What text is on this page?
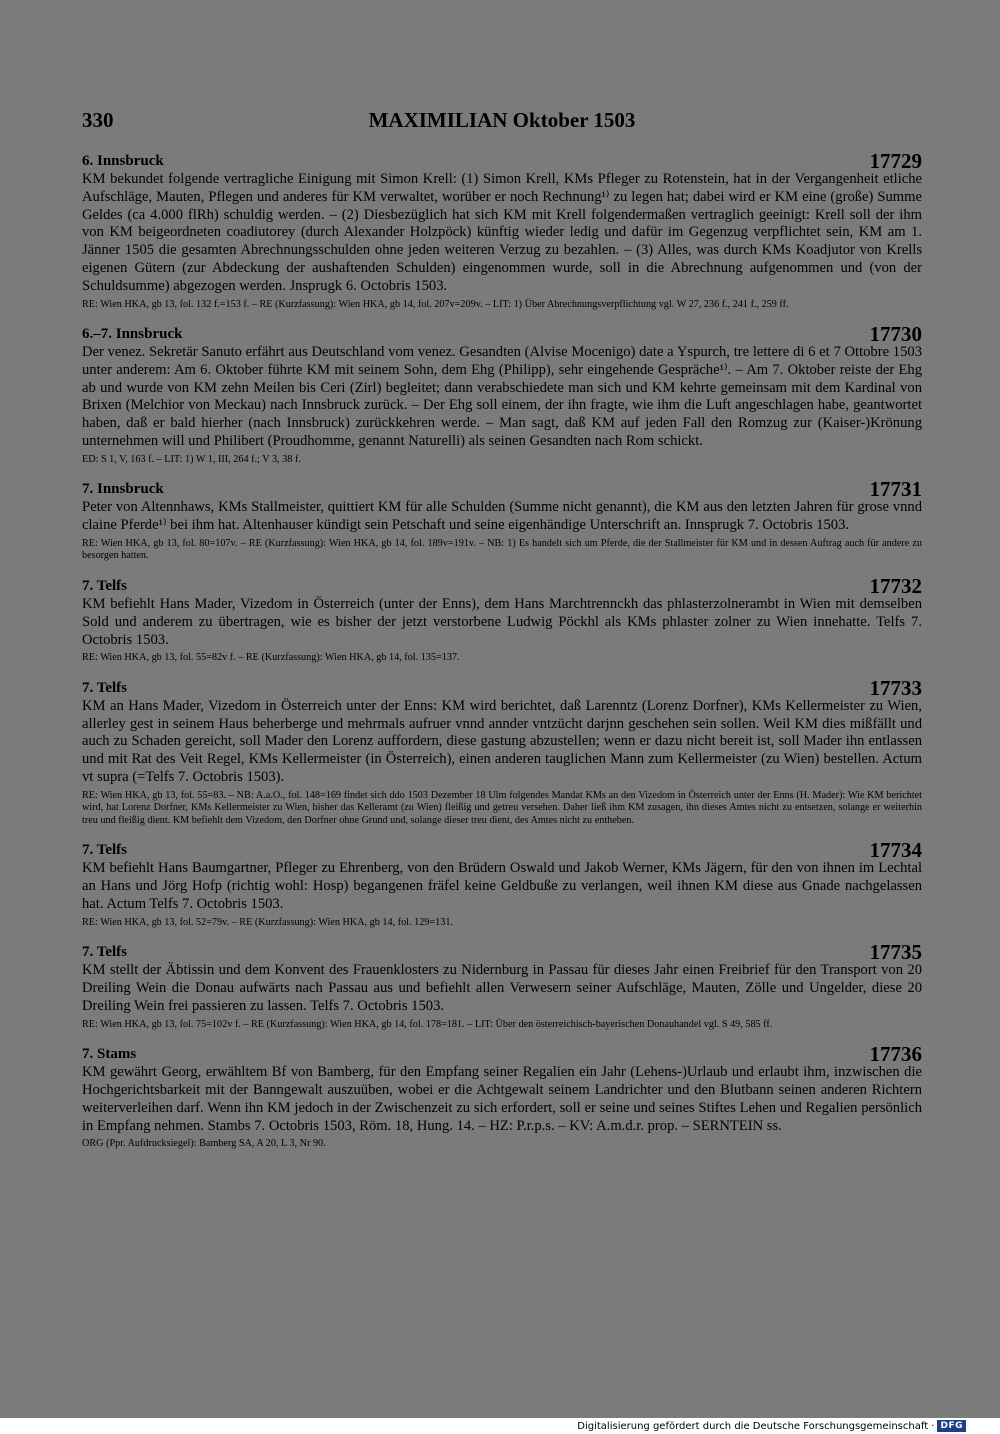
MAXIMILIAN Oktober 1503
330
6. Innsbruck	17729
KM bekundet folgende vertragliche Einigung mit Simon Krell: (1) Simon Krell, KMs Pfleger zu Rotenstein, hat in der Vergangenheit etliche Aufschläge, Mauten, Pflegen und anderes für KM verwaltet, worüber er noch Rechnung¹⁾ zu legen hat; dabei wird er KM eine (große) Summe Geldes (ca 4.000 flRh) schuldig werden. – (2) Diesbezüglich hat sich KM mit Krell folgendermaßen vertraglich geeinigt: Krell soll der ihm von KM beigeordneten coadiutorey (durch Alexander Holzpöck) künftig wieder ledig und dafür im Gegenzug verpflichtet sein, KM am 1. Jänner 1505 die gesamten Abrechnungsschulden ohne jeden weiteren Verzug zu bezahlen. – (3) Alles, was durch KMs Koadjutor von Krells eigenen Gütern (zur Abdeckung der aushaftenden Schulden) eingenommen wurde, soll in die Abrechnung aufgenommen und (von der Schuldsumme) abgezogen werden. Jnsprugk 6. Octobris 1503.
RE: Wien HKA, gb 13, fol. 132 f.=153 f. – RE (Kurzfassung): Wien HKA, gb 14, fol. 207v=209v. – LIT: 1) Über Abrechnungsverpflichtung vgl. W 27, 236 f., 241 f., 259 ff.
6.–7. Innsbruck	17730
Der venez. Sekretär Sanuto erfährt aus Deutschland vom venez. Gesandten (Alvise Mocenigo) date a Yspurch, tre lettere di 6 et 7 Ottobre 1503 unter anderem: Am 6. Oktober führte KM mit seinem Sohn, dem Ehg (Philipp), sehr eingehende Gespräche¹⁾. – Am 7. Oktober reiste der Ehg ab und wurde von KM zehn Meilen bis Ceri (Zirl) begleitet; dann verabschiedete man sich und KM kehrte gemeinsam mit dem Kardinal von Brixen (Melchior von Meckau) nach Innsbruck zurück. – Der Ehg soll einem, der ihn fragte, wie ihm die Luft angeschlagen habe, geantwortet haben, daß er bald hierher (nach Innsbruck) zurückkehren werde. – Man sagt, daß KM auf jeden Fall den Romzug zur (Kaiser-)Krönung unternehmen will und Philibert (Proudhomme, genannt Naturelli) als seinen Gesandten nach Rom schickt.
ED: S 1, V, 163 f. – LIT: 1) W 1, III, 264 f.; V 3, 38 f.
7. Innsbruck	17731
Peter von Altennhaws, KMs Stallmeister, quittiert KM für alle Schulden (Summe nicht genannt), die KM aus den letzten Jahren für grose vnnd claine Pferde¹⁾ bei ihm hat. Altenhauser kündigt sein Petschaft und seine eigenhändige Unterschrift an. Innsprugk 7. Octobris 1503.
RE: Wien HKA, gb 13, fol. 80=107v. – RE (Kurzfassung): Wien HKA, gb 14, fol. 189v=191v. – NB: 1) Es handelt sich um Pferde, die der Stallmeister für KM und in dessen Auftrag auch für andere zu besorgen hatten.
7. Telfs	17732
KM befiehlt Hans Mader, Vizedom in Österreich (unter der Enns), dem Hans Marchtrennckh das phlasterzolnerambt in Wien mit demselben Sold und anderem zu übertragen, wie es bisher der jetzt verstorbene Ludwig Pöckhl als KMs phlaster zolner zu Wien innehatte. Telfs 7. Octobris 1503.
RE: Wien HKA, gb 13, fol. 55=82v f. – RE (Kurzfassung): Wien HKA, gb 14, fol. 135=137.
7. Telfs	17733
KM an Hans Mader, Vizedom in Österreich unter der Enns: KM wird berichtet, daß Larenntz (Lorenz Dorfner), KMs Kellermeister zu Wien, allerley gest in seinem Haus beherberge und mehrmals aufruer vnnd annder vntzücht darjnn geschehen sein sollen. Weil KM dies mißfällt und auch zu Schaden gereicht, soll Mader den Lorenz auffordern, diese gastung abzustellen; wenn er dazu nicht bereit ist, soll Mader ihn entlassen und mit Rat des Veit Regel, KMs Kellermeister (in Österreich), einen anderen tauglichen Mann zum Kellermeister (zu Wien) bestellen. Actum vt supra (=Telfs 7. Octobris 1503).
RE: Wien HKA, gb 13, fol. 55=83. – NB: A.a.O., fol. 148=169 findet sich ddo 1503 Dezember 18 Ulm folgendes Mandat KMs an den Vizedom in Österreich unter der Enns (H. Mader): Wie KM berichtet wird, hat Lorenz Dorfner, KMs Kellermeister zu Wien, bisher das Kelleramt (zu Wien) fleißig und getreu versehen. Daher ließ ihm KM zusagen, ihn dieses Amtes nicht zu entsetzen, solange er weiterhin treu und fleißig dient. KM befiehlt dem Vizedom, den Dorfner ohne Grund und, solange dieser treu dient, des Amtes nicht zu entheben.
7. Telfs	17734
KM befiehlt Hans Baumgartner, Pfleger zu Ehrenberg, von den Brüdern Oswald und Jakob Werner, KMs Jägern, für den von ihnen im Lechtal an Hans und Jörg Hofp (richtig wohl: Hosp) begangenen fräfel keine Geldbuße zu verlangen, weil ihnen KM diese aus Gnade nachgelassen hat. Actum Telfs 7. Octobris 1503.
RE: Wien HKA, gb 13, fol. 52=79v. – RE (Kurzfassung): Wien HKA, gb 14, fol. 129=131.
7. Telfs	17735
KM stellt der Äbtissin und dem Konvent des Frauenklosters zu Nidernburg in Passau für dieses Jahr einen Freibrief für den Transport von 20 Dreiling Wein die Donau aufwärts nach Passau aus und befiehlt allen Verwesern seiner Aufschläge, Mauten, Zölle und Ungelder, diese 20 Dreiling Wein frei passieren zu lassen. Telfs 7. Octobris 1503.
RE: Wien HKA, gb 13, fol. 75=102v f. – RE (Kurzfassung): Wien HKA, gb 14, fol. 178=181. – LIT: Über den österreichisch-bayerischen Donauhandel vgl. S 49, 585 ff.
7. Stams	17736
KM gewährt Georg, erwähltem Bf von Bamberg, für den Empfang seiner Regalien ein Jahr (Lehens-)Urlaub und erlaubt ihm, inzwischen die Hochgerichtsbarkeit mit der Banngewalt auszuüben, wobei er die Achtgewalt seinem Landrichter und den Blutbann seinen anderen Richtern weiterverleihen darf. Wenn ihn KM jedoch in der Zwischenzeit zu sich erfordert, soll er seine und seines Stiftes Lehen und Regalien persönlich in Empfang nehmen. Stambs 7. Octobris 1503, Röm. 18, Hung. 14. – HZ: P.r.p.s. – KV: A.m.d.r. prop. – SERNTEIN ss.
ORG (Ppr. Aufdrucksiegel): Bamberg SA, A 20, L 3, Nr 90.
Digitalisierung gefördert durch die Deutsche Forschungsgemeinschaft · DFG
